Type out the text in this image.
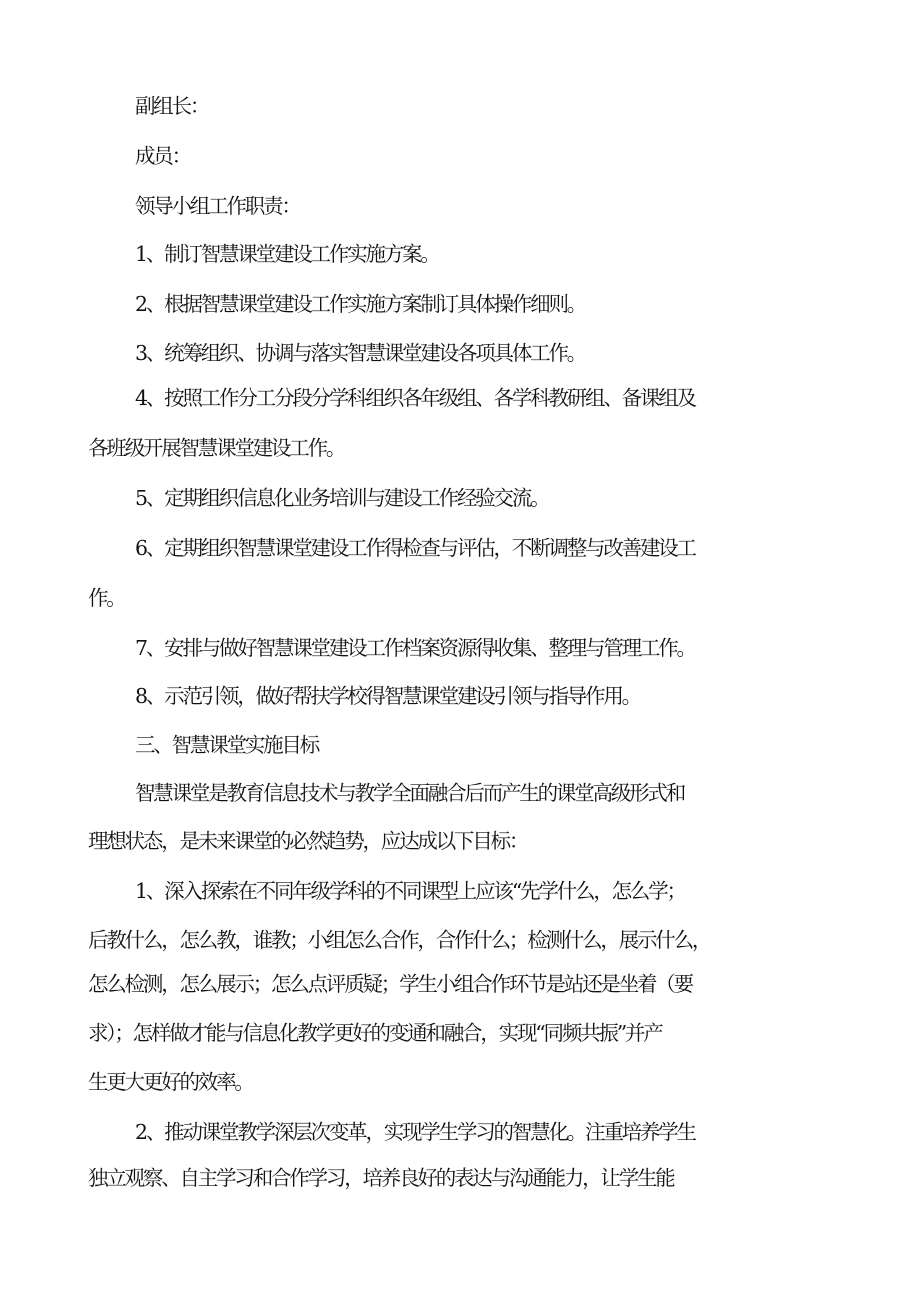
副组长：
成员：
领导小组工作职责：
1、制订智慧课堂建设工作实施方案。
2、根据智慧课堂建设工作实施方案制订具体操作细则。
3、统筹组织、协调与落实智慧课堂建设各项具体工作。
4、按照工作分工分段分学科组织各年级组、各学科教研组、备课组及
各班级开展智慧课堂建设工作。
5、定期组织信息化业务培训与建设工作经验交流。
6、定期组织智慧课堂建设工作得检查与评估，不断调整与改善建设工
作。
7、安排与做好智慧课堂建设工作档案资源得收集、整理与管理工作。
8、示范引领，做好帮扶学校得智慧课堂建设引领与指导作用。
三、智慧课堂实施目标
智慧课堂是教育信息技术与教学全面融合后而产生的课堂高级形式和
理想状态，是未来课堂的必然趋势，应达成以下目标：
1、深入探索在不同年级学科的不同课型上应该“先学什么，怎么学；
后教什么，怎么教，谁教；小组怎么合作，合作什么；检测什么，展示什么，
怎么检测，怎么展示；怎么点评质疑；学生小组合作环节是站还是坐着（要
求）；怎样做才能与信息化教学更好的变通和融合，实现“同频共振”并产
生更大更好的效率。
2、推动课堂教学深层次变革，实现学生学习的智慧化。注重培养学生
独立观察、自主学习和合作学习，培养良好的表达与沟通能力，让学生能
